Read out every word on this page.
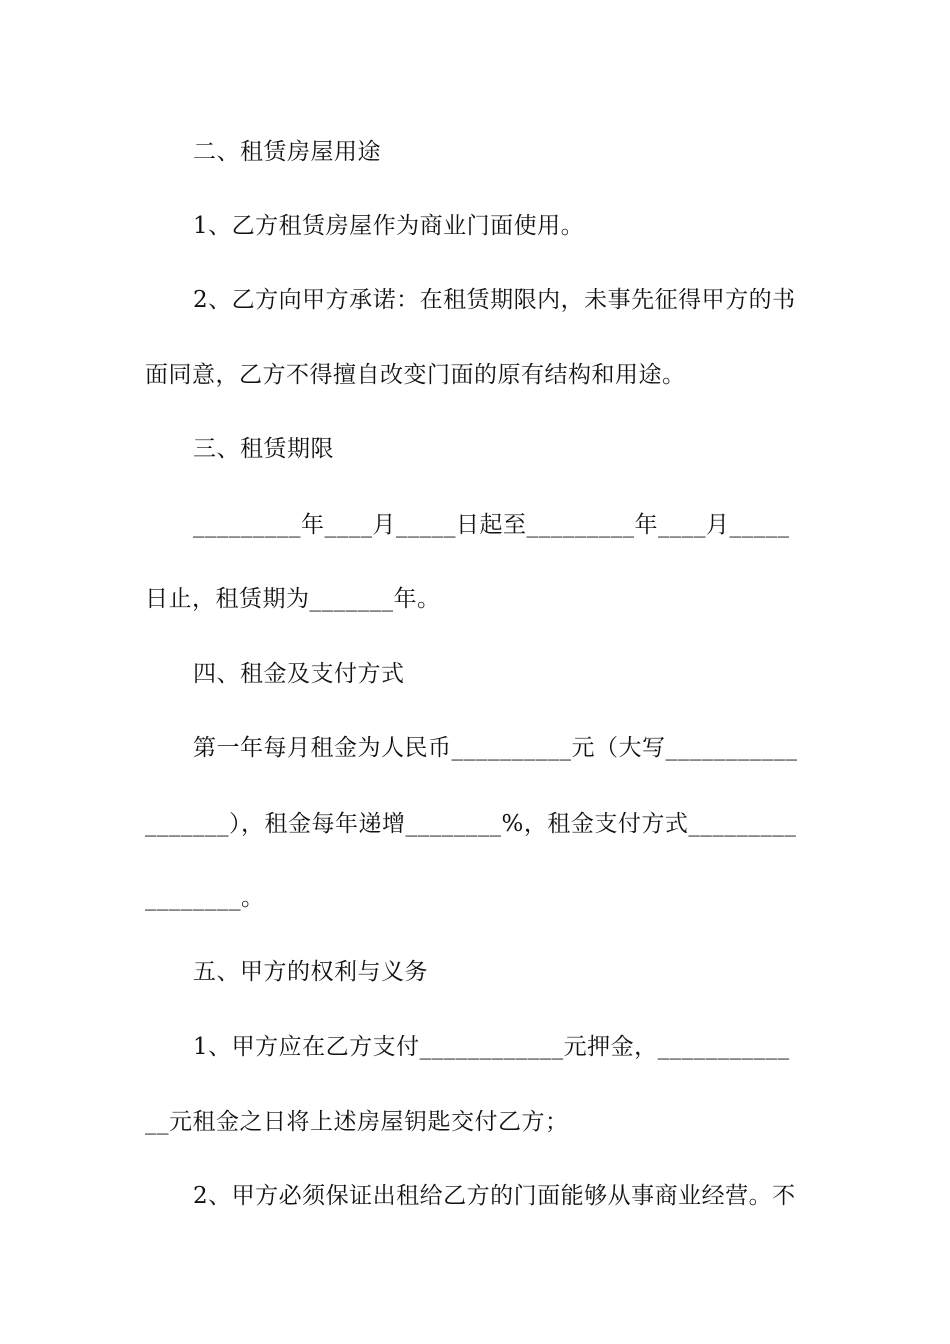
二、租赁房屋用途
1、乙方租赁房屋作为商业门面使用。
2、乙方向甲方承诺：在租赁期限内，未事先征得甲方的书
面同意，乙方不得擅自改变门面的原有结构和用途。
三、租赁期限
_________年____月_____日起至_________年____月_____
日止，租赁期为_______年。
四、租金及支付方式
第一年每月租金为人民币__________元（大写___________
_______），租金每年递增________%，租金支付方式_________
________。
五、甲方的权利与义务
1、甲方应在乙方支付____________元押金，___________
__元租金之日将上述房屋钥匙交付乙方；
2、甲方必须保证出租给乙方的门面能够从事商业经营。不
